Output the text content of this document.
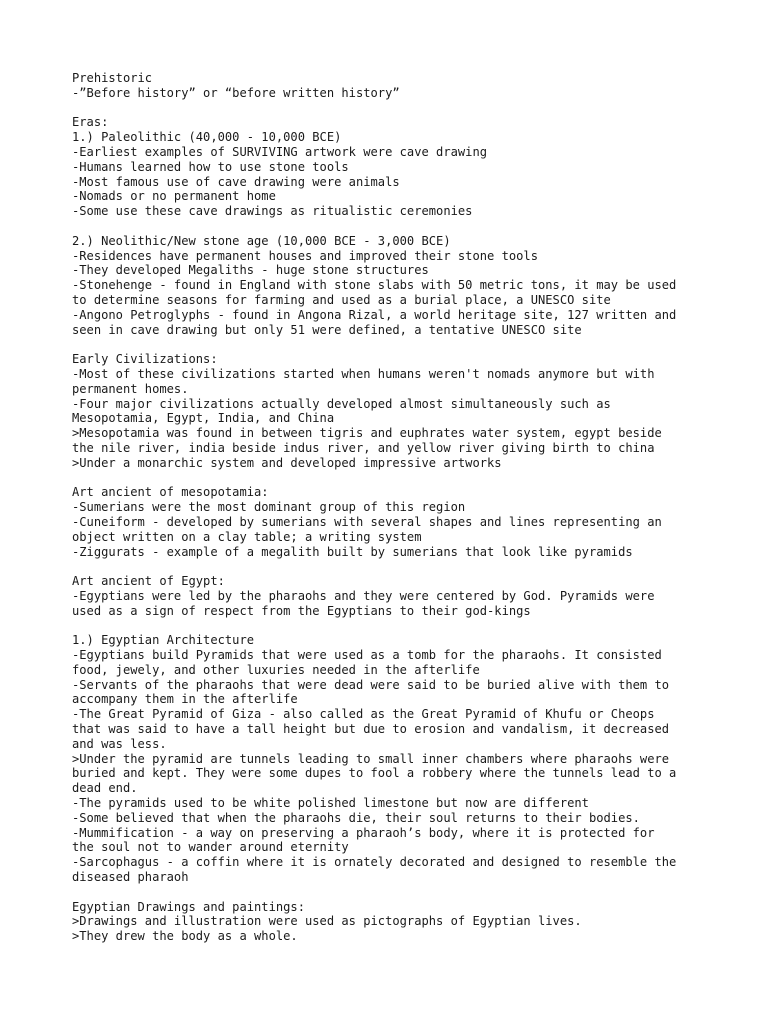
Prehistoric
-”Before history” or “before written history”
Eras:
1.) Paleolithic (40,000 - 10,000 BCE)
-Earliest examples of SURVIVING artwork were cave drawing
-Humans learned how to use stone tools
-Most famous use of cave drawing were animals
-Nomads or no permanent home
-Some use these cave drawings as ritualistic ceremonies
2.) Neolithic/New stone age (10,000 BCE - 3,000 BCE)
-Residences have permanent houses and improved their stone tools
-They developed Megaliths - huge stone structures
-Stonehenge - found in England with stone slabs with 50 metric tons, it may be used
to determine seasons for farming and used as a burial place, a UNESCO site
-Angono Petroglyphs - found in Angona Rizal, a world heritage site, 127 written and
seen in cave drawing but only 51 were defined, a tentative UNESCO site
Early Civilizations:
-Most of these civilizations started when humans weren't nomads anymore but with
permanent homes.
-Four major civilizations actually developed almost simultaneously such as
Mesopotamia, Egypt, India, and China
>Mesopotamia was found in between tigris and euphrates water system, egypt beside
the nile river, india beside indus river, and yellow river giving birth to china
>Under a monarchic system and developed impressive artworks
Art ancient of mesopotamia:
-Sumerians were the most dominant group of this region
-Cuneiform - developed by sumerians with several shapes and lines representing an
object written on a clay table; a writing system
-Ziggurats - example of a megalith built by sumerians that look like pyramids
Art ancient of Egypt:
-Egyptians were led by the pharaohs and they were centered by God. Pyramids were
used as a sign of respect from the Egyptians to their god-kings
1.) Egyptian Architecture
-Egyptians build Pyramids that were used as a tomb for the pharaohs. It consisted
food, jewely, and other luxuries needed in the afterlife
-Servants of the pharaohs that were dead were said to be buried alive with them to
accompany them in the afterlife
-The Great Pyramid of Giza - also called as the Great Pyramid of Khufu or Cheops
that was said to have a tall height but due to erosion and vandalism, it decreased
and was less.
>Under the pyramid are tunnels leading to small inner chambers where pharaohs were
buried and kept. They were some dupes to fool a robbery where the tunnels lead to a
dead end.
-The pyramids used to be white polished limestone but now are different
-Some believed that when the pharaohs die, their soul returns to their bodies.
-Mummification - a way on preserving a pharaoh’s body, where it is protected for
the soul not to wander around eternity
-Sarcophagus - a coffin where it is ornately decorated and designed to resemble the
diseased pharaoh
Egyptian Drawings and paintings:
>Drawings and illustration were used as pictographs of Egyptian lives.
>They drew the body as a whole.
